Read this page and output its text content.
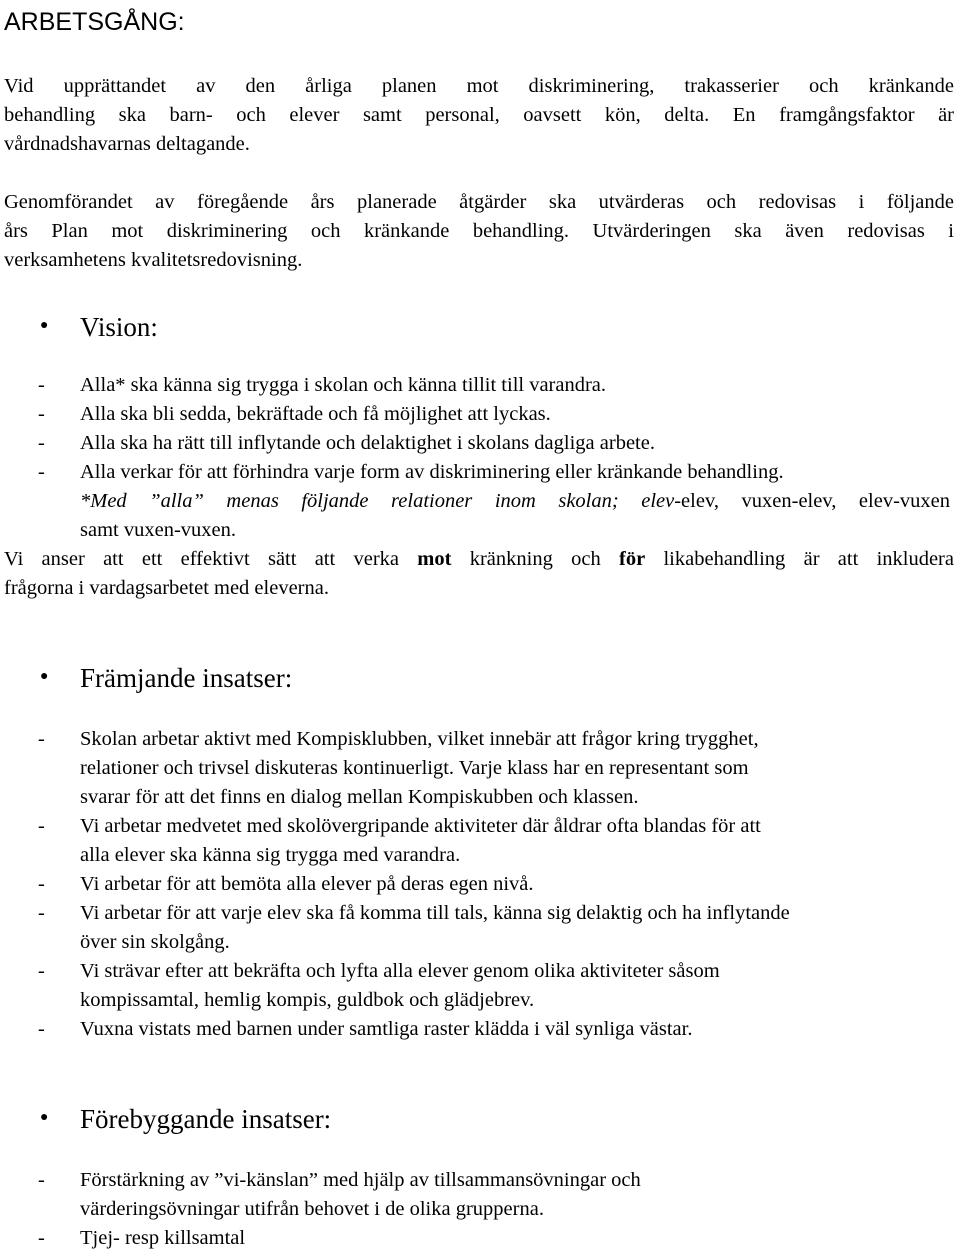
ARBETSGÅNG:
Vid upprättandet av den årliga planen mot diskriminering, trakasserier och kränkande
behandling ska barn- och elever samt personal, oavsett kön, delta. En framgångsfaktor är
vårdnadshavarnas deltagande.
Genomförandet av föregående års planerade åtgärder ska utvärderas och redovisas i följande
års Plan mot diskriminering och kränkande behandling. Utvärderingen ska även redovisas i
verksamhetens kvalitetsredovisning.
● Vision:
- Alla* ska känna sig trygga i skolan och känna tillit till varandra.
- Alla ska bli sedda, bekräftade och få möjlighet att lyckas.
- Alla ska ha rätt till inflytande och delaktighet i skolans dagliga arbete.
- Alla verkar för att förhindra varje form av diskriminering eller kränkande behandling.
*Med ”alla” menas följande relationer inom skolan; elev-elev, vuxen-elev, elev-vuxen
samt vuxen-vuxen.
Vi anser att ett effektivt sätt att verka mot kränkning och för likabehandling är att inkludera
frågorna i vardagsarbetet med eleverna.
● Främjande insatser:
- Skolan arbetar aktivt med Kompisklubben, vilket innebär att frågor kring trygghet,
relationer och trivsel diskuteras kontinuerligt. Varje klass har en representant som
svarar för att det finns en dialog mellan Kompiskubben och klassen.
- Vi arbetar medvetet med skolövergripande aktiviteter där åldrar ofta blandas för att
alla elever ska känna sig trygga med varandra.
- Vi arbetar för att bemöta alla elever på deras egen nivå.
- Vi arbetar för att varje elev ska få komma till tals, känna sig delaktig och ha inflytande
över sin skolgång.
- Vi strävar efter att bekräfta och lyfta alla elever genom olika aktiviteter såsom
kompissamtal, hemlig kompis, guldbok och glädjebrev.
- Vuxna vistats med barnen under samtliga raster klädda i väl synliga västar.
● Förebyggande insatser:
- Förstärkning av ”vi-känslan” med hjälp av tillsammansövningar och
värderingsövningar utifrån behovet i de olika grupperna.
- Tjej- resp killsamtal
